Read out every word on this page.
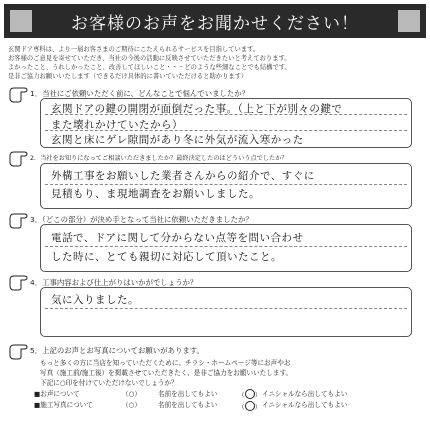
お客様のお声をお聞かせください！
玄関ドア専科は、より一層お客さまのご期待にこたえられるサービスを目指しています。
お客様のご意見を寄せていただき、当社の今後の活動に反映させていただきたいと考えております。
よかったこと、うれしかったこと、改善してほしいこと・・・どのような些細なことでも結構です。
是非ご協力お願いいたします（できるだけ具体的に書いていただけると助かります）
1．当社にご依頼いただく前に、どんなことで悩んでいましたか？
玄関ドアの鍵の開閉が面倒だった事。（上と下が別々の鍵で
また壊れかけていたから）
玄関と床にゲレ隙間があり冬に外気が流入寒かった
2．当社をお知りになってご相談いただきましたか？最終決定したのはどういう点でしたか？
外構工事をお願いした業者さんからの紹介で、すぐに
見積もり、ま現地調査をお願いしました。
3．（どこの部分）が決め手となって当社に依頼いただきましたか？
電話で、ドアに関して分からない点等を問い合わせ
した時に、とても親切に対応して頂いたこと。
4．工事内容および仕上がりはいかがでしょうか？
気に入りました。
5．上記のお声とお写真についてお願いがあります。
もっと多くの方に当店を知っていただくために、チラシ・ホームページ等にお声やお
写真（施工前/施工後）を掲載させていただきたく、是非ご協力をお願いいたします。
下記に○印を付けていただけないでしょうか？
■お声について
■施工写真について
（○）
（○）
名前を出してもよい
名前を出してもよい
（ ）
（ ）
イニシャルなら出してもよい
イニシャルなら出してもよい
